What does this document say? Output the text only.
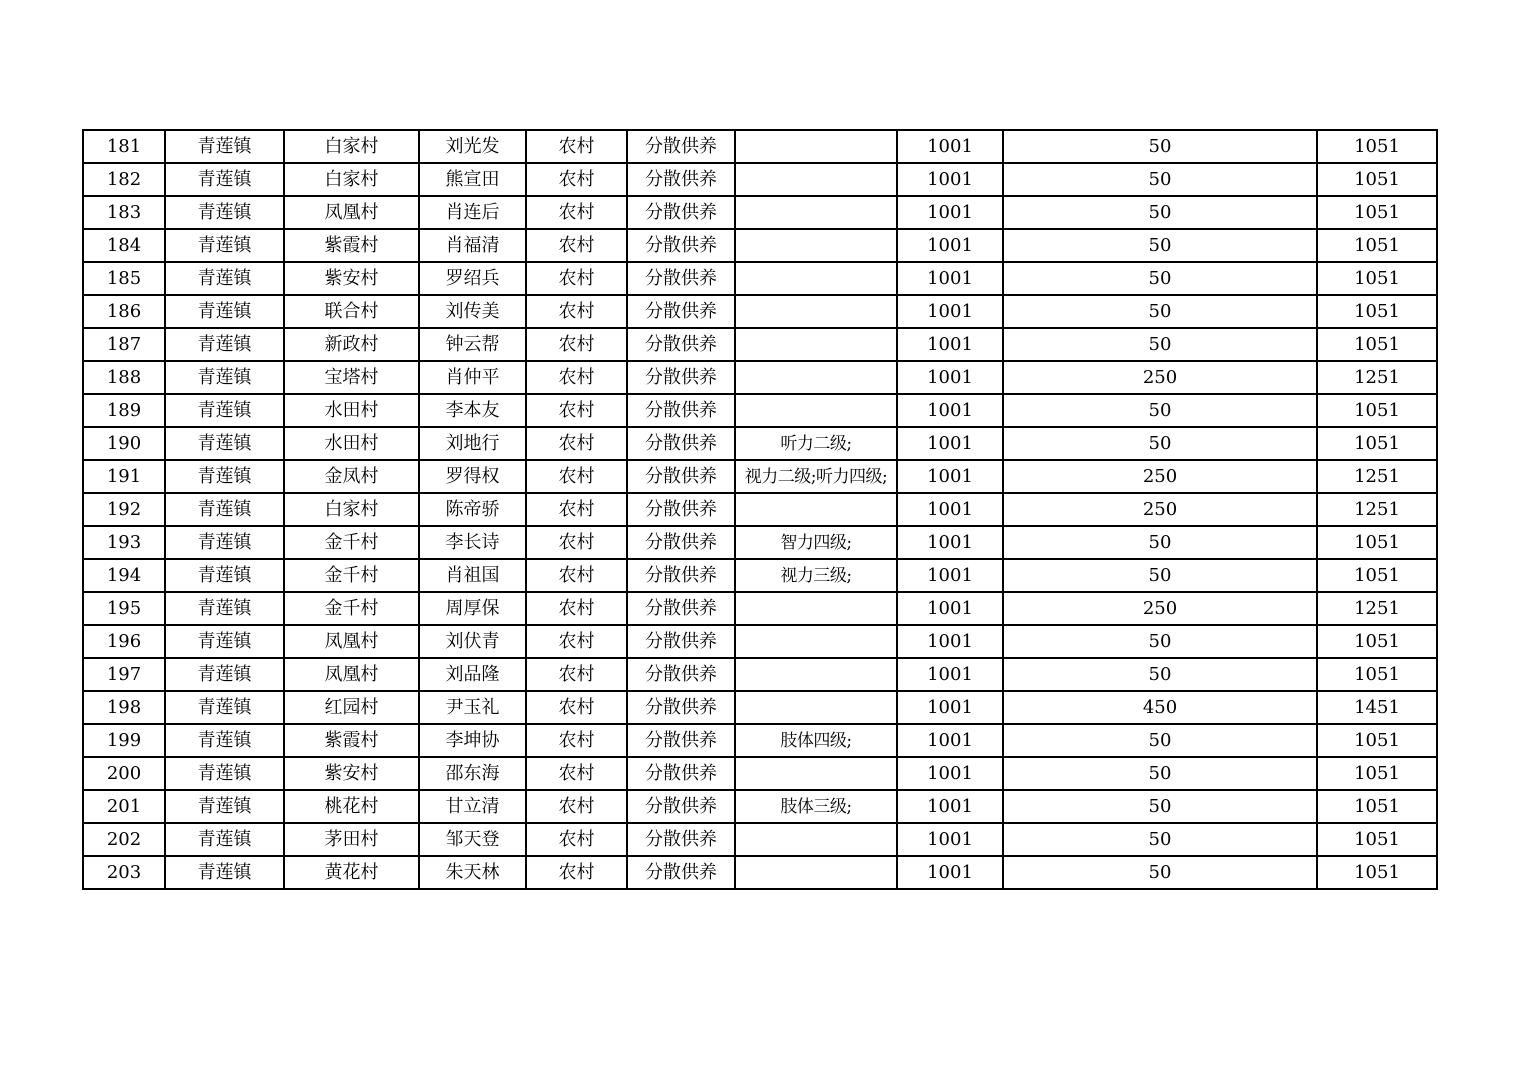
181	青莲镇	白家村	刘光发	农村	分散供养		1001	50	1051
182	青莲镇	白家村	熊宣田	农村	分散供养		1001	50	1051
183	青莲镇	凤凰村	肖连后	农村	分散供养		1001	50	1051
184	青莲镇	紫霞村	肖福清	农村	分散供养		1001	50	1051
185	青莲镇	紫安村	罗绍兵	农村	分散供养		1001	50	1051
186	青莲镇	联合村	刘传美	农村	分散供养		1001	50	1051
187	青莲镇	新政村	钟云帮	农村	分散供养		1001	50	1051
188	青莲镇	宝塔村	肖仲平	农村	分散供养		1001	250	1251
189	青莲镇	水田村	李本友	农村	分散供养		1001	50	1051
190	青莲镇	水田村	刘地行	农村	分散供养	听力二级;	1001	50	1051
191	青莲镇	金凤村	罗得权	农村	分散供养	视力二级;听力四级;	1001	250	1251
192	青莲镇	白家村	陈帝骄	农村	分散供养		1001	250	1251
193	青莲镇	金千村	李长诗	农村	分散供养	智力四级;	1001	50	1051
194	青莲镇	金千村	肖祖国	农村	分散供养	视力三级;	1001	50	1051
195	青莲镇	金千村	周厚保	农村	分散供养		1001	250	1251
196	青莲镇	凤凰村	刘伏青	农村	分散供养		1001	50	1051
197	青莲镇	凤凰村	刘品隆	农村	分散供养		1001	50	1051
198	青莲镇	红园村	尹玉礼	农村	分散供养		1001	450	1451
199	青莲镇	紫霞村	李坤协	农村	分散供养	肢体四级;	1001	50	1051
200	青莲镇	紫安村	邵东海	农村	分散供养		1001	50	1051
201	青莲镇	桃花村	甘立清	农村	分散供养	肢体三级;	1001	50	1051
202	青莲镇	茅田村	邹天登	农村	分散供养		1001	50	1051
203	青莲镇	黄花村	朱天林	农村	分散供养		1001	50	1051
